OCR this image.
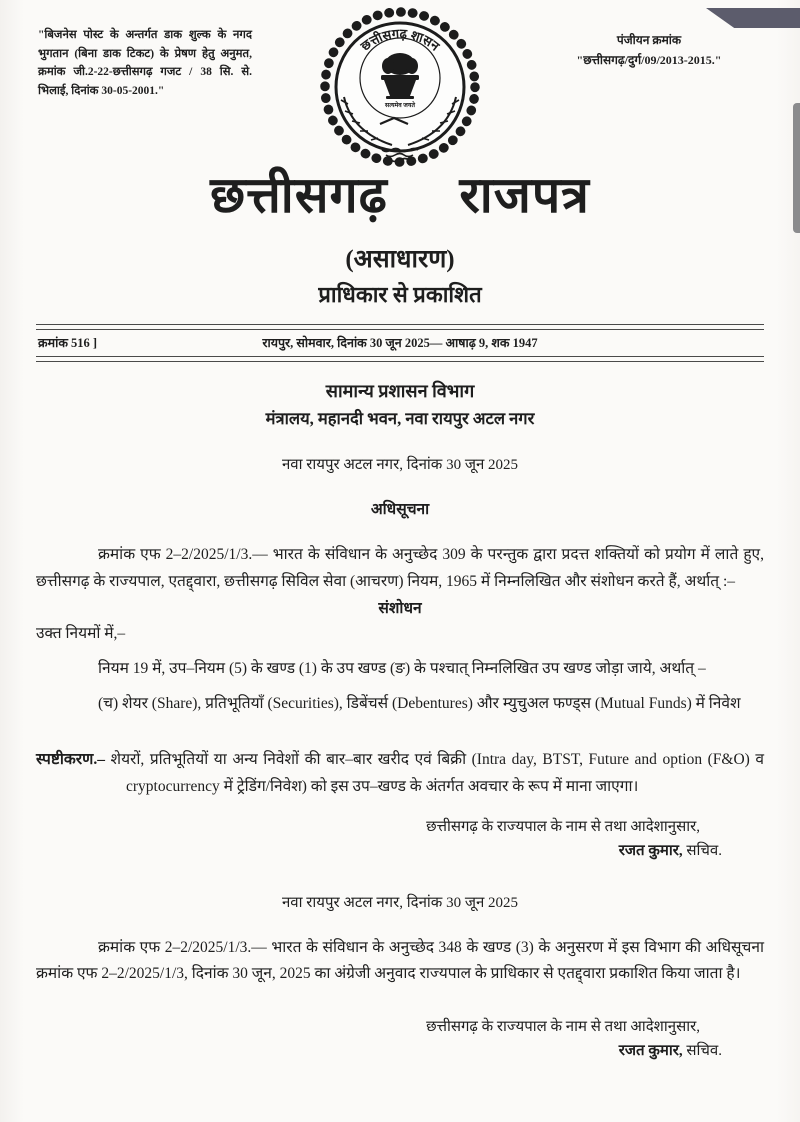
"बिजनेस पोस्ट के अन्तर्गत डाक शुल्क के नगद भुगतान (बिना डाक टिकट) के प्रेषण हेतु अनुमत, क्रमांक जी.2-22-छत्तीसगढ़ गजट / 38 सि. से. भिलाई, दिनांक 30-05-2001."
छत्तीसगढ़ शासन
सत्यमेव जयते
पंजीयन क्रमांक
"छत्तीसगढ़/दुर्ग/09/2013-2015."
छत्तीसगढ़ राजपत्र
(असाधारण)
प्राधिकार से प्रकाशित
क्रमांक 516 ]	रायपुर, सोमवार, दिनांक 30 जून 2025— आषाढ़ 9, शक 1947
सामान्य प्रशासन विभाग
मंत्रालय, महानदी भवन, नवा रायपुर अटल नगर
नवा रायपुर अटल नगर, दिनांक 30 जून 2025
अधिसूचना

क्रमांक एफ 2–2/2025/1/3.— भारत के संविधान के अनुच्छेद 309 के परन्तुक द्वारा प्रदत्त शक्तियों को प्रयोग में लाते हुए, छत्तीसगढ़ के राज्यपाल, एतद्द्वारा, छत्तीसगढ़ सिविल सेवा (आचरण) नियम, 1965 में निम्नलिखित और संशोधन करते हैं, अर्थात् :–

संशोधन
उक्त नियमों में,–

नियम 19 में, उप–नियम (5) के खण्ड (1) के उप खण्ड (ङ) के पश्चात् निम्नलिखित उप खण्ड जोड़ा जाये, अर्थात् –

(च) शेयर (Share), प्रतिभूतियाँ (Securities), डिबेंचर्स (Debentures) और म्युचुअल फण्ड्स (Mutual Funds) में निवेश

स्पष्टीकरण.– शेयरों, प्रतिभूतियों या अन्य निवेशों की बार–बार खरीद एवं बिक्री (Intra day, BTST, Future and option (F&O) व cryptocurrency में ट्रेडिंग/निवेश) को इस उप–खण्ड के अंतर्गत अवचार के रूप में माना जाएगा।

छत्तीसगढ़ के राज्यपाल के नाम से तथा आदेशानुसार,
रजत कुमार, सचिव.
नवा रायपुर अटल नगर, दिनांक 30 जून 2025

क्रमांक एफ 2–2/2025/1/3.— भारत के संविधान के अनुच्छेद 348 के खण्ड (3) के अनुसरण में इस विभाग की अधिसूचना क्रमांक एफ 2–2/2025/1/3, दिनांक 30 जून, 2025 का अंग्रेजी अनुवाद राज्यपाल के प्राधिकार से एतद्द्वारा प्रकाशित किया जाता है।

छत्तीसगढ़ के राज्यपाल के नाम से तथा आदेशानुसार,
रजत कुमार, सचिव.
